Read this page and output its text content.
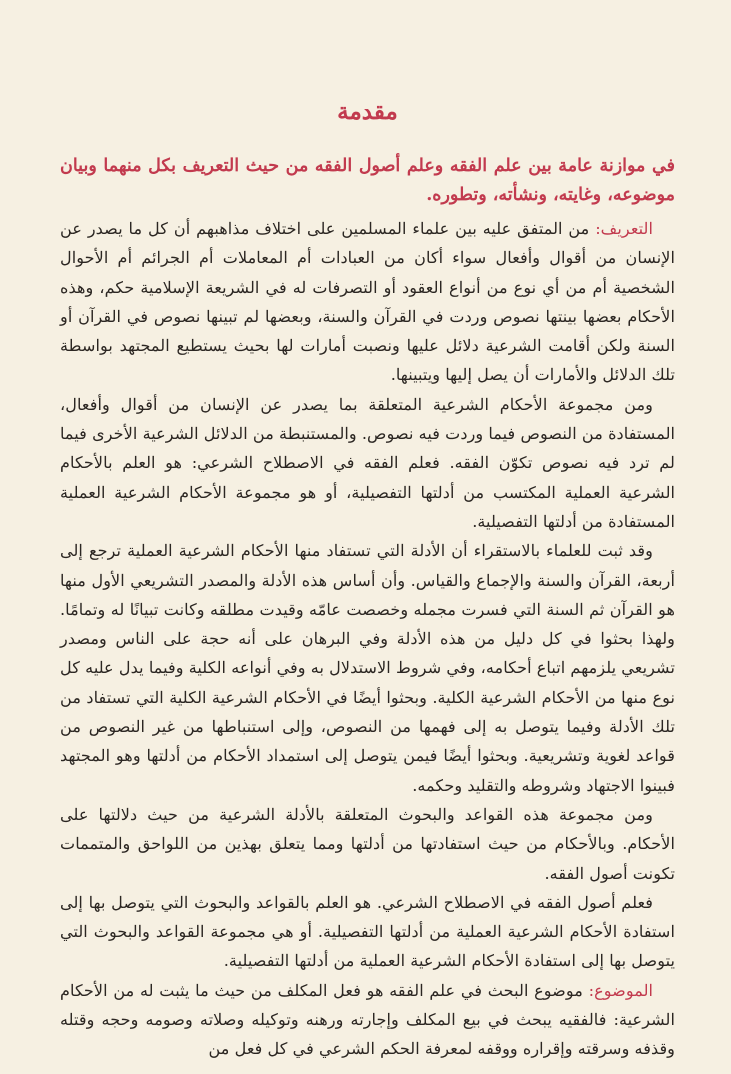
مقدمة

في موازنة عامة بين علم الفقه وعلم أصول الفقه من حيث التعريف بكل منهما وبيان موضوعه، وغايته، ونشأته، وتطوره.

التعريف: من المتفق عليه بين علماء المسلمين على اختلاف مذاهبهم أن كل ما يصدر عن الإنسان من أقوال وأفعال سواء أكان من العبادات أم المعاملات أم الجرائم أم الأحوال الشخصية أم من أي نوع من أنواع العقود أو التصرفات له في الشريعة الإسلامية حكم، وهذه الأحكام بعضها بينتها نصوص وردت في القرآن والسنة، وبعضها لم تبينها نصوص في القرآن أو السنة ولكن أقامت الشرعية دلائل عليها ونصبت أمارات لها بحيث يستطيع المجتهد بواسطة تلك الدلائل والأمارات أن يصل إليها ويتبينها.

ومن مجموعة الأحكام الشرعية المتعلقة بما يصدر عن الإنسان من أقوال وأفعال، المستفادة من النصوص فيما وردت فيه نصوص. والمستنبطة من الدلائل الشرعية الأخرى فيما لم ترد فيه نصوص تكوّن الفقه. فعلم الفقه في الاصطلاح الشرعي: هو العلم بالأحكام الشرعية العملية المكتسب من أدلتها التفصيلية، أو هو مجموعة الأحكام الشرعية العملية المستفادة من أدلتها التفصيلية.

وقد ثبت للعلماء بالاستقراء أن الأدلة التي تستفاد منها الأحكام الشرعية العملية ترجع إلى أربعة، القرآن والسنة والإجماع والقياس. وأن أساس هذه الأدلة والمصدر التشريعي الأول منها هو القرآن ثم السنة التي فسرت مجمله وخصصت عامّه وقيدت مطلقه وكانت تبيانًا له وتمامًا. ولهذا بحثوا في كل دليل من هذه الأدلة وفي البرهان على أنه حجة على الناس ومصدر تشريعي يلزمهم اتباع أحكامه، وفي شروط الاستدلال به وفي أنواعه الكلية وفيما يدل عليه كل نوع منها من الأحكام الشرعية الكلية. وبحثوا أيضًا في الأحكام الشرعية الكلية التي تستفاد من تلك الأدلة وفيما يتوصل به إلى فهمها من النصوص، وإلى استنباطها من غير النصوص من قواعد لغوية وتشريعية. وبحثوا أيضًا فيمن يتوصل إلى استمداد الأحكام من أدلتها وهو المجتهد فبينوا الاجتهاد وشروطه والتقليد وحكمه.

ومن مجموعة هذه القواعد والبحوث المتعلقة بالأدلة الشرعية من حيث دلالتها على الأحكام. وبالأحكام من حيث استفادتها من أدلتها ومما يتعلق بهذين من اللواحق والمتممات تكونت أصول الفقه.

فعلم أصول الفقه في الاصطلاح الشرعي. هو العلم بالقواعد والبحوث التي يتوصل بها إلى استفادة الأحكام الشرعية العملية من أدلتها التفصيلية. أو هي مجموعة القواعد والبحوث التي يتوصل بها إلى استفادة الأحكام الشرعية العملية من أدلتها التفصيلية.

الموضوع: موضوع البحث في علم الفقه هو فعل المكلف من حيث ما يثبت له من الأحكام الشرعية: فالفقيه يبحث في بيع المكلف وإجارته ورهنه وتوكيله وصلاته وصومه وحجه وقتله وقذفه وسرقته وإقراره ووقفه لمعرفة الحكم الشرعي في كل فعل من
